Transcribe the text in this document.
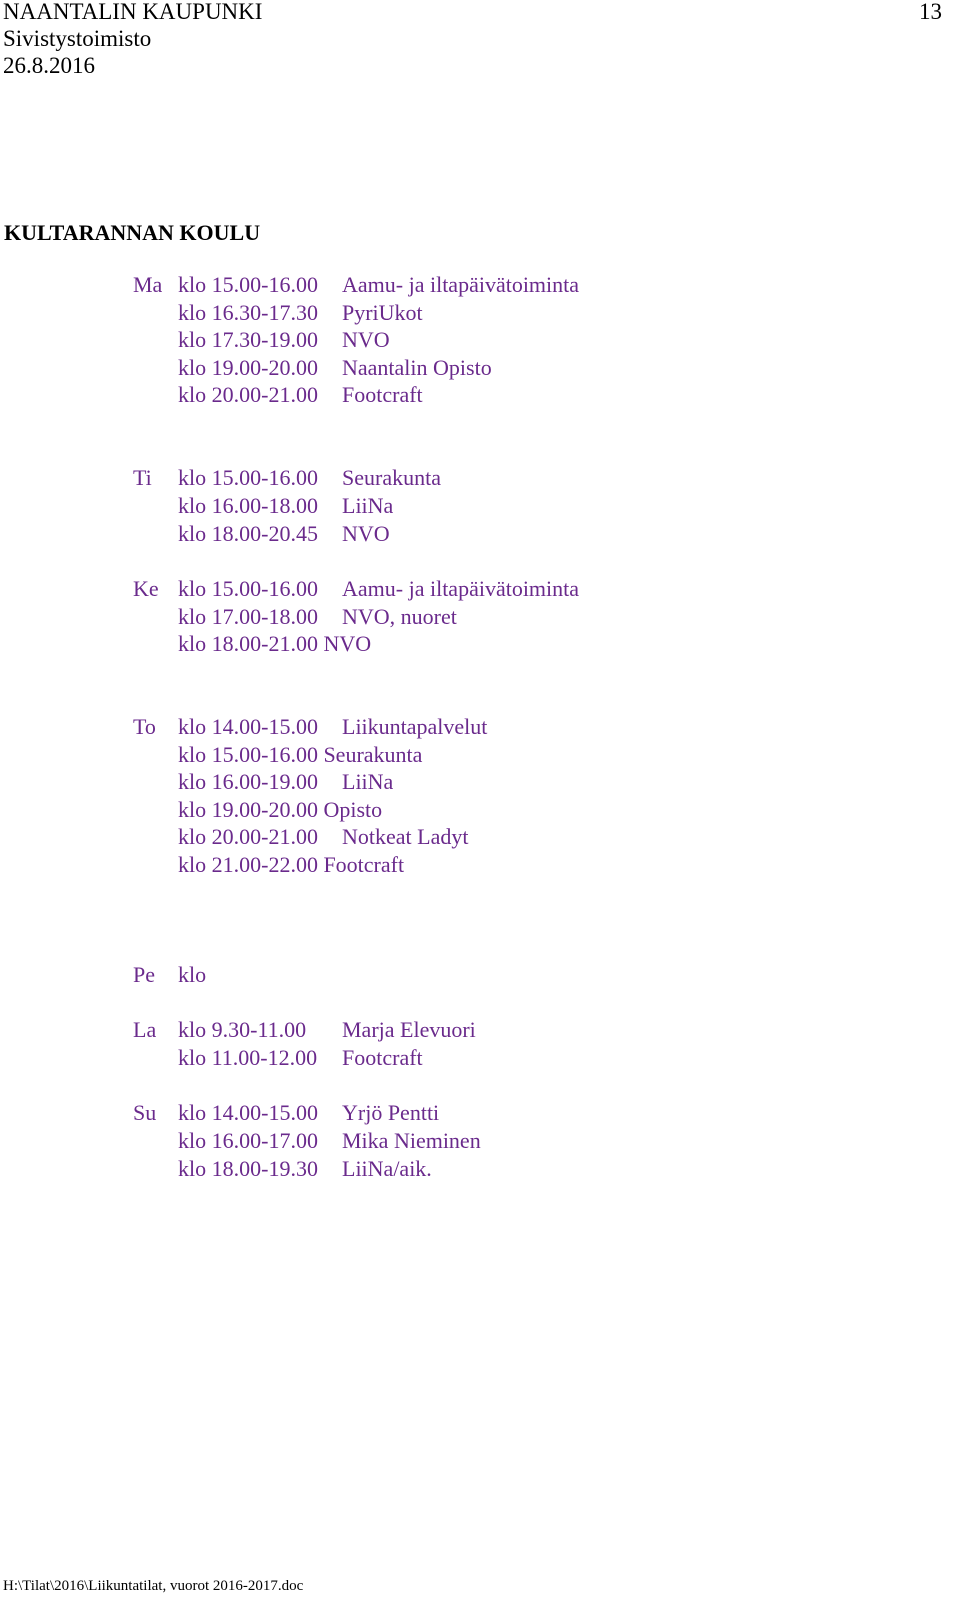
NAANTALIN KAUPUNKI
Sivistystoimisto
26.8.2016
13
KULTARANNAN KOULU
Ma klo 15.00-16.00 Aamu- ja iltapäivätoiminta
klo 16.30-17.30 PyriUkot
klo 17.30-19.00 NVO
klo 19.00-20.00 Naantalin Opisto
klo 20.00-21.00 Footcraft
Ti klo 15.00-16.00 Seurakunta
klo 16.00-18.00 LiiNa
klo 18.00-20.45 NVO
Ke klo 15.00-16.00 Aamu- ja iltapäivätoiminta
klo 17.00-18.00 NVO, nuoret
klo 18.00-21.00 NVO
To klo 14.00-15.00 Liikuntapalvelut
klo 15.00-16.00 Seurakunta
klo 16.00-19.00 LiiNa
klo 19.00-20.00 Opisto
klo 20.00-21.00 Notkeat Ladyt
klo 21.00-22.00 Footcraft
Pe klo
La klo 9.30-11.00 Marja Elevuori
klo 11.00-12.00 Footcraft
Su klo 14.00-15.00 Yrjö Pentti
klo 16.00-17.00 Mika Nieminen
klo 18.00-19.30 LiiNa/aik.
H:\Tilat\2016\Liikuntatilat, vuorot 2016-2017.doc
